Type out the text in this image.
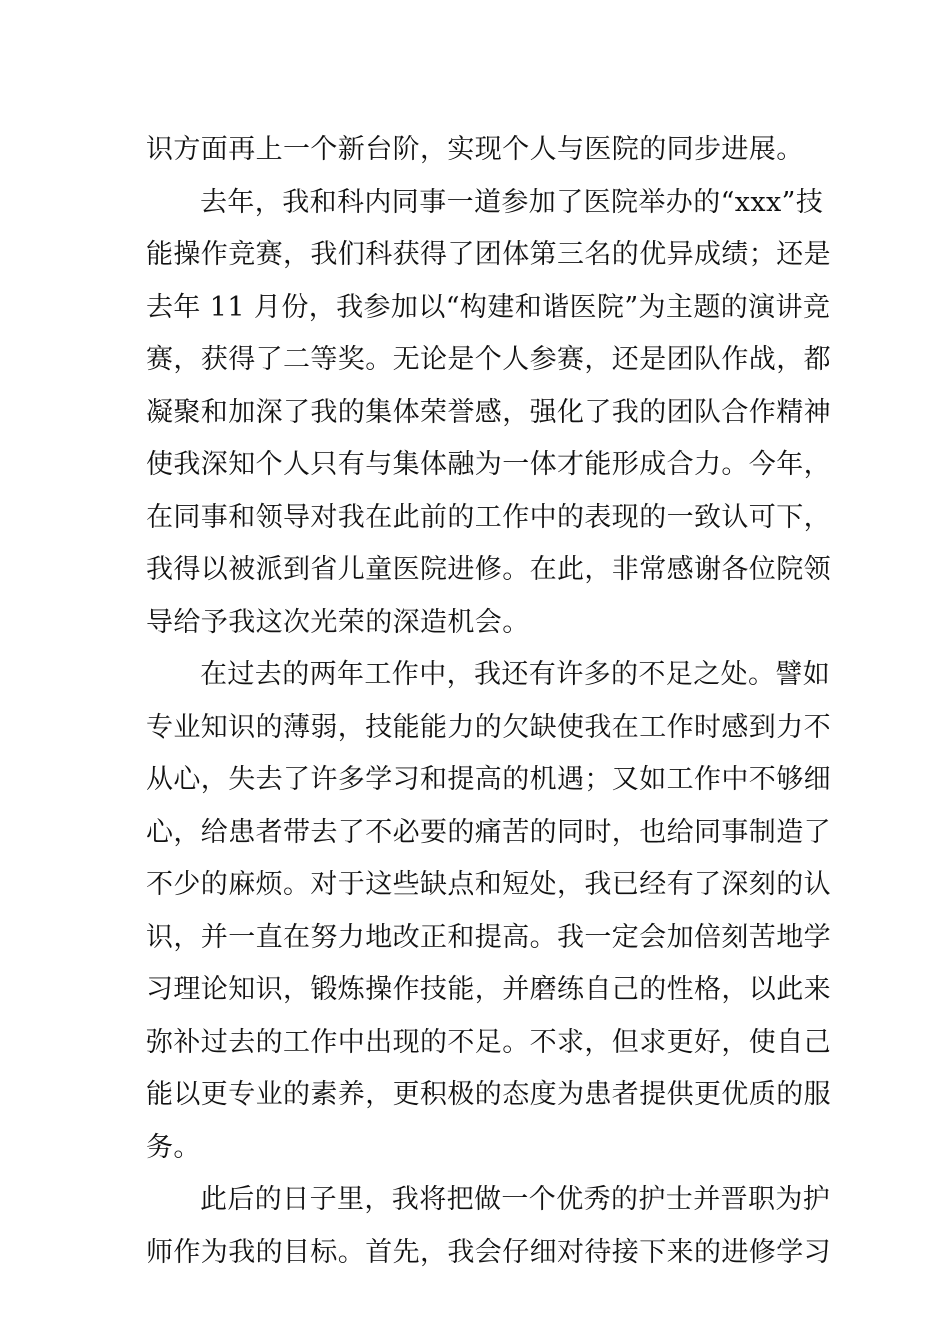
识方面再上一个新台阶，实现个人与医院的同步进展。
去年，我和科内同事一道参加了医院举办的“xxx”技
能操作竞赛，我们科获得了团体第三名的优异成绩；还是
去年 11 月份，我参加以“构建和谐医院”为主题的演讲竞
赛，获得了二等奖。无论是个人参赛，还是团队作战，都
凝聚和加深了我的集体荣誉感，强化了我的团队合作精神
使我深知个人只有与集体融为一体才能形成合力。今年，
在同事和领导对我在此前的工作中的表现的一致认可下，
我得以被派到省儿童医院进修。在此，非常感谢各位院领
导给予我这次光荣的深造机会。
在过去的两年工作中，我还有许多的不足之处。譬如
专业知识的薄弱，技能能力的欠缺使我在工作时感到力不
从心，失去了许多学习和提高的机遇；又如工作中不够细
心，给患者带去了不必要的痛苦的同时，也给同事制造了
不少的麻烦。对于这些缺点和短处，我已经有了深刻的认
识，并一直在努力地改正和提高。我一定会加倍刻苦地学
习理论知识，锻炼操作技能，并磨练自己的性格，以此来
弥补过去的工作中出现的不足。不求，但求更好，使自己
能以更专业的素养，更积极的态度为患者提供更优质的服
务。
此后的日子里，我将把做一个优秀的护士并晋职为护
师作为我的目标。首先，我会仔细对待接下来的进修学习
